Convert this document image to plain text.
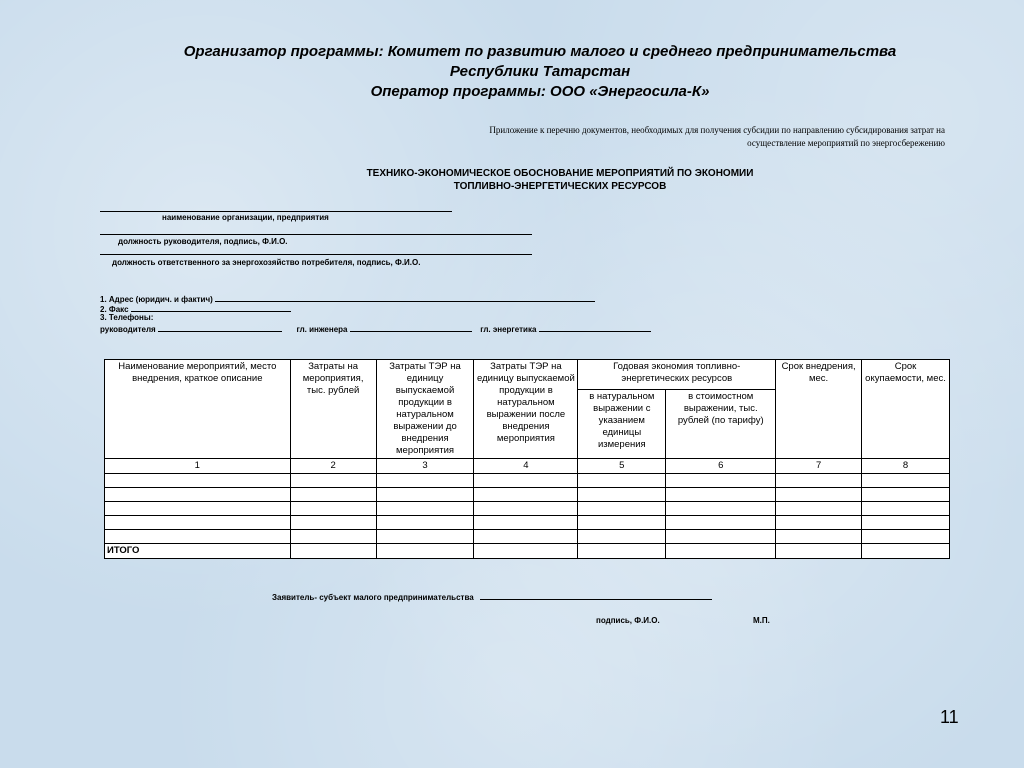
Организатор программы: Комитет по развитию малого и среднего предпринимательства
Республики Татарстан
Оператор программы: ООО «Энергосила-К»
Приложение к перечню документов, необходимых для получения субсидии по направлению субсидирования затрат на
осуществление мероприятий по энергосбережению
ТЕХНИКО-ЭКОНОМИЧЕСКОЕ ОБОСНОВАНИЕ МЕРОПРИЯТИЙ ПО ЭКОНОМИИ
ТОПЛИВНО-ЭНЕРГЕТИЧЕСКИХ РЕСУРСОВ
наименование организации, предприятия
должность руководителя, подпись, Ф.И.О.
должность ответственного за энергохозяйство потребителя, подпись, Ф.И.О.
1. Адрес (юридич. и фактич)
2. Факс
3. Телефоны:
руководителя	гл. инженера	гл. энергетика
Наименование мероприятий, место внедрения, краткое описание	Затраты на мероприятия, тыс. рублей	Затраты ТЭР на единицу выпускаемой продукции в натуральном выражении до внедрения мероприятия	Затраты ТЭР на единицу выпускаемой продукции в натуральном выражении после внедрения мероприятия	Годовая экономия топливно-энергетических ресурсов		Срок внедрения, мес.	Срок окупаемости, мес.
				в натуральном выражении с указанием единицы измерения	в стоимостном выражении, тыс. рублей (по тарифу)		
1	2	3	4	5	6	7	8

ИТОГО							
Заявитель- субъект малого предпринимательства
подпись, Ф.И.О.	М.П.
11
